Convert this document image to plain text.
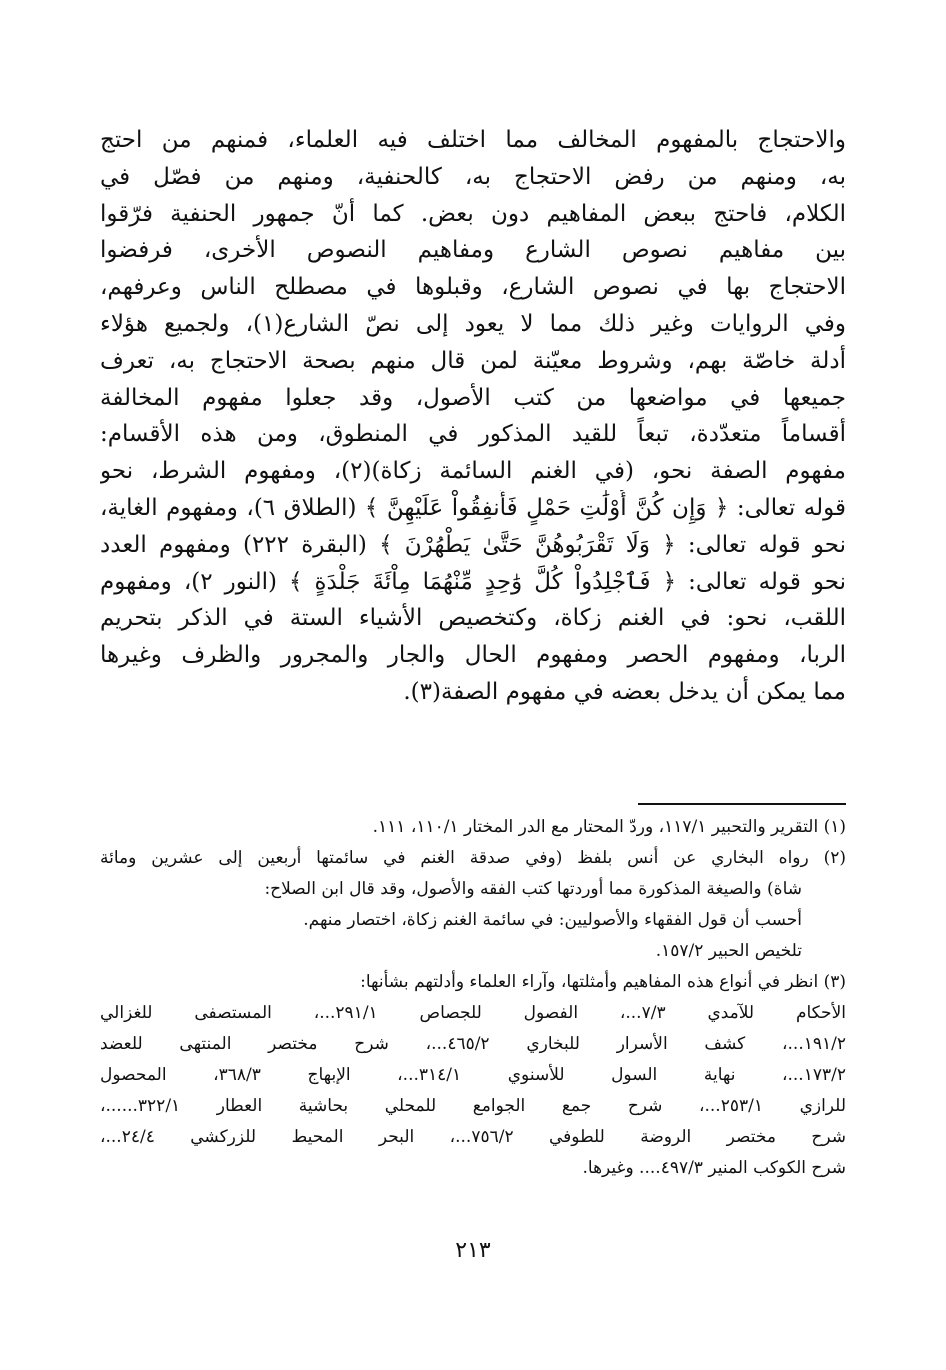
والاحتجاج بالمفهوم المخالف مما اختلف فيه العلماء، فمنهم من احتج
به، ومنهم من رفض الاحتجاج به، كالحنفية، ومنهم من فصّل في
الكلام، فاحتج ببعض المفاهيم دون بعض. كما أنّ جمهور الحنفية فرّقوا
بين مفاهيم نصوص الشارع ومفاهيم النصوص الأخرى، فرفضوا
الاحتجاج بها في نصوص الشارع، وقبلوها في مصطلح الناس وعرفهم،
وفي الروايات وغير ذلك مما لا يعود إلى نصّ الشارع(١)، ولجميع هؤلاء
أدلة خاصّة بهم، وشروط معيّنة لمن قال منهم بصحة الاحتجاج به، تعرف
جميعها في مواضعها من كتب الأصول، وقد جعلوا مفهوم المخالفة
أقساماً متعدّدة، تبعاً للقيد المذكور في المنطوق، ومن هذه الأقسام:
مفهوم الصفة نحو، (في الغنم السائمة زكاة)(٢)، ومفهوم الشرط، نحو
قوله تعالى: ﴿ وَإِن كُنَّ أُوْلَٰتِ حَمْلٍ فَأَنفِقُواْ عَلَيْهِنَّ ﴾ (الطلاق ٦)، ومفهوم الغاية،
نحو قوله تعالى: ﴿ وَلَا تَقْرَبُوهُنَّ حَتَّىٰ يَطْهُرْنَ ﴾ (البقرة ٢٢٢) ومفهوم العدد
نحو قوله تعالى: ﴿ فَٱجْلِدُواْ كُلَّ وَٰحِدٍ مِّنْهُمَا مِاْئَةَ جَلْدَةٍ ﴾ (النور ٢)، ومفهوم
اللقب، نحو: في الغنم زكاة، وكتخصيص الأشياء الستة في الذكر بتحريم
الربا، ومفهوم الحصر ومفهوم الحال والجار والمجرور والظرف وغيرها
مما يمكن أن يدخل بعضه في مفهوم الصفة(٣).
(١) التقرير والتحبير ١١٧/١، وردّ المحتار مع الدر المختار ١١٠/١، ١١١.
(٢) رواه البخاري عن أنس بلفظ (وفي صدقة الغنم في سائمتها أربعين إلى عشرين ومائة
شاة) والصيغة المذكورة مما أوردتها كتب الفقه والأصول، وقد قال ابن الصلاح:
أحسب أن قول الفقهاء والأصوليين: في سائمة الغنم زكاة، اختصار منهم.
تلخيص الحبير ١٥٧/٢.
(٣) انظر في أنواع هذه المفاهيم وأمثلتها، وآراء العلماء وأدلتهم بشأنها:
الأحكام للآمدي ٧/٣...، الفصول للجصاص ٢٩١/١...، المستصفى للغزالي
١٩١/٢...، كشف الأسرار للبخاري ٤٦٥/٢...، شرح مختصر المنتهى للعضد
١٧٣/٢...، نهاية السول للأسنوي ٣١٤/١...، الإبهاج ٣٦٨/٣، المحصول
للرازي ٢٥٣/١...، شرح جمع الجوامع للمحلي بحاشية العطار ٣٢٢/١......،
شرح مختصر الروضة للطوفي ٧٥٦/٢...، البحر المحيط للزركشي ٢٤/٤...،
شرح الكوكب المنير ٤٩٧/٣.... وغيرها.
٢١٣
